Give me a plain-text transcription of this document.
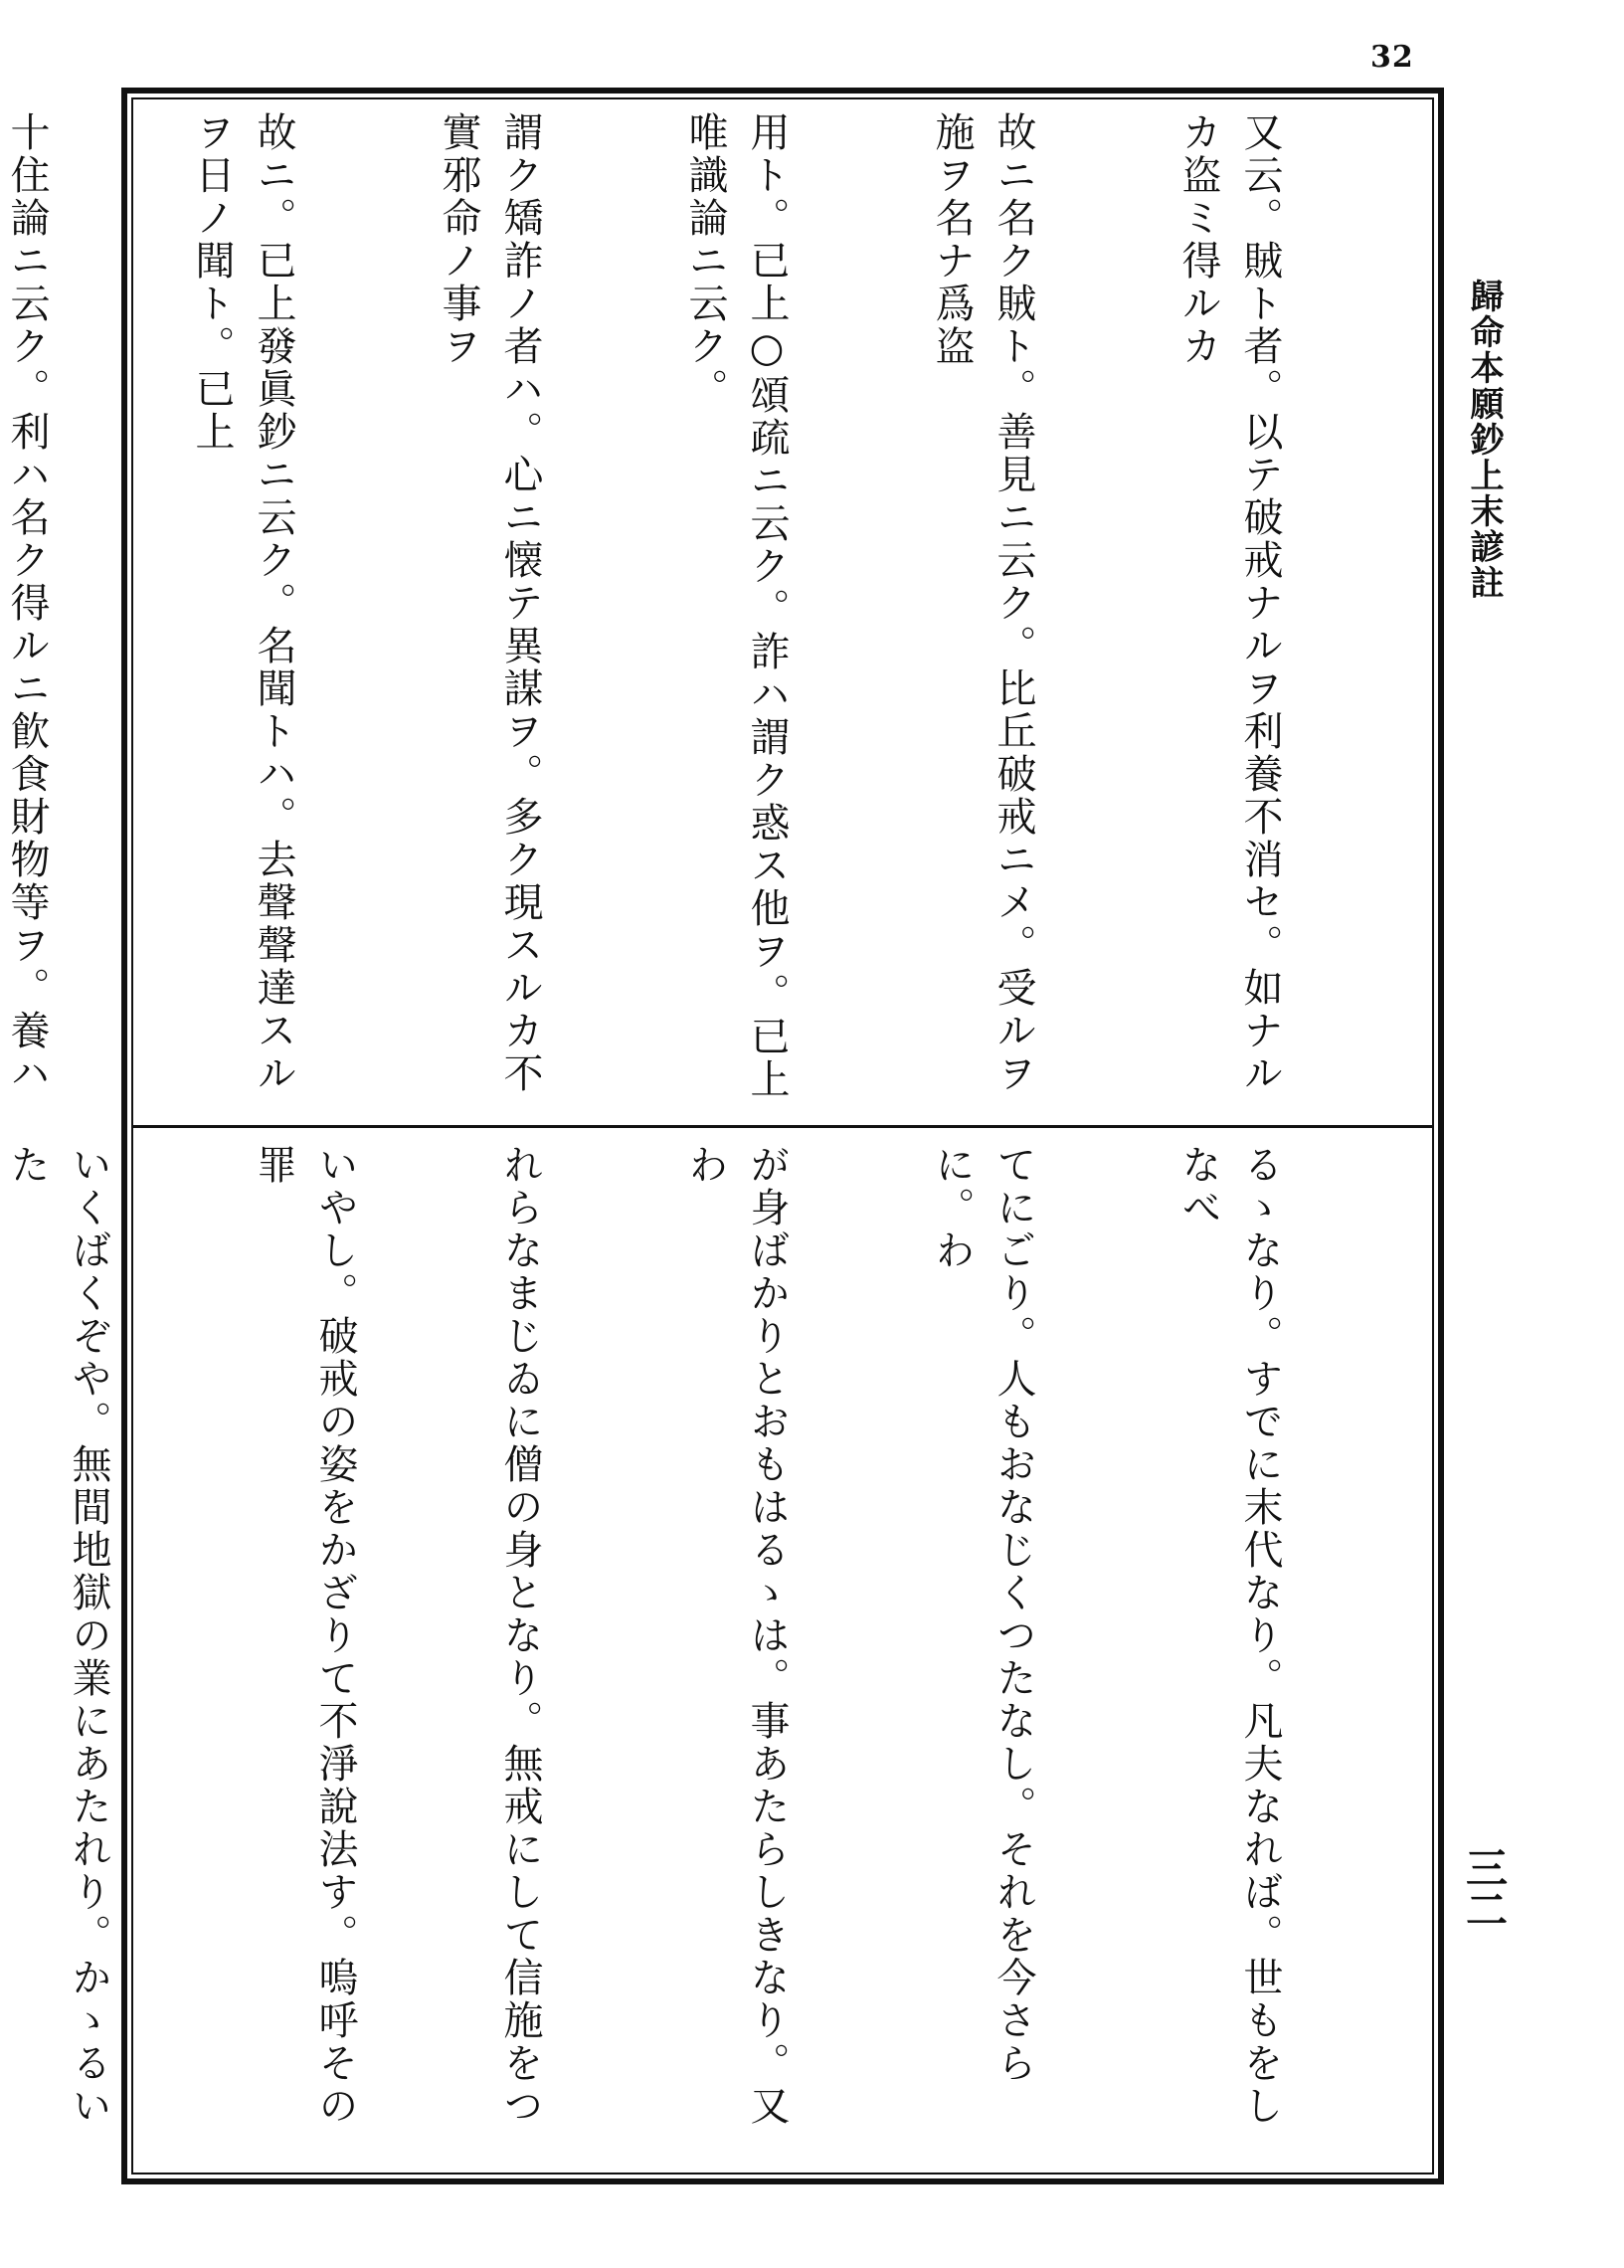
32
歸命本願鈔上末諺註
三二

又云。賊ト者。以テ破戒ナルヲ利養不消セ。如ナルカ盗ミ得ルカ

故ニ名ク賊ト。善見ニ云ク。比丘破戒ニメ。受ルヲ施ヲ名ナ爲盗

用ト。已上○頌疏ニ云ク。詐ハ謂ク惑ス他ヲ。已上唯識論ニ云ク。

謂ク矯詐ノ者ハ。心ニ懐テ異謀ヲ。多ク現スルカ不實邪命ノ事ヲ

故ニ。已上發眞鈔ニ云ク。名聞トハ。去聲聲達スルヲ日ノ聞ト。已上

十住論ニ云ク。利ハ名ク得ルニ飮食財物等ヲ。養ハ

るゝなり。すでに末代なり。凡夫なれば。世もをしなべ

てにごり。人もおなじくつたなし。それを今さらに。わ

が身ばかりとおもはるゝは。事あたらしきなり。又わ

れらなまじゐに僧の身となり。無戒にして信施をつ

いやし。破戒の姿をかざりて不淨說法す。嗚呼その罪

いくばくぞや。無間地獄の業にあたれり。かゝるいた
